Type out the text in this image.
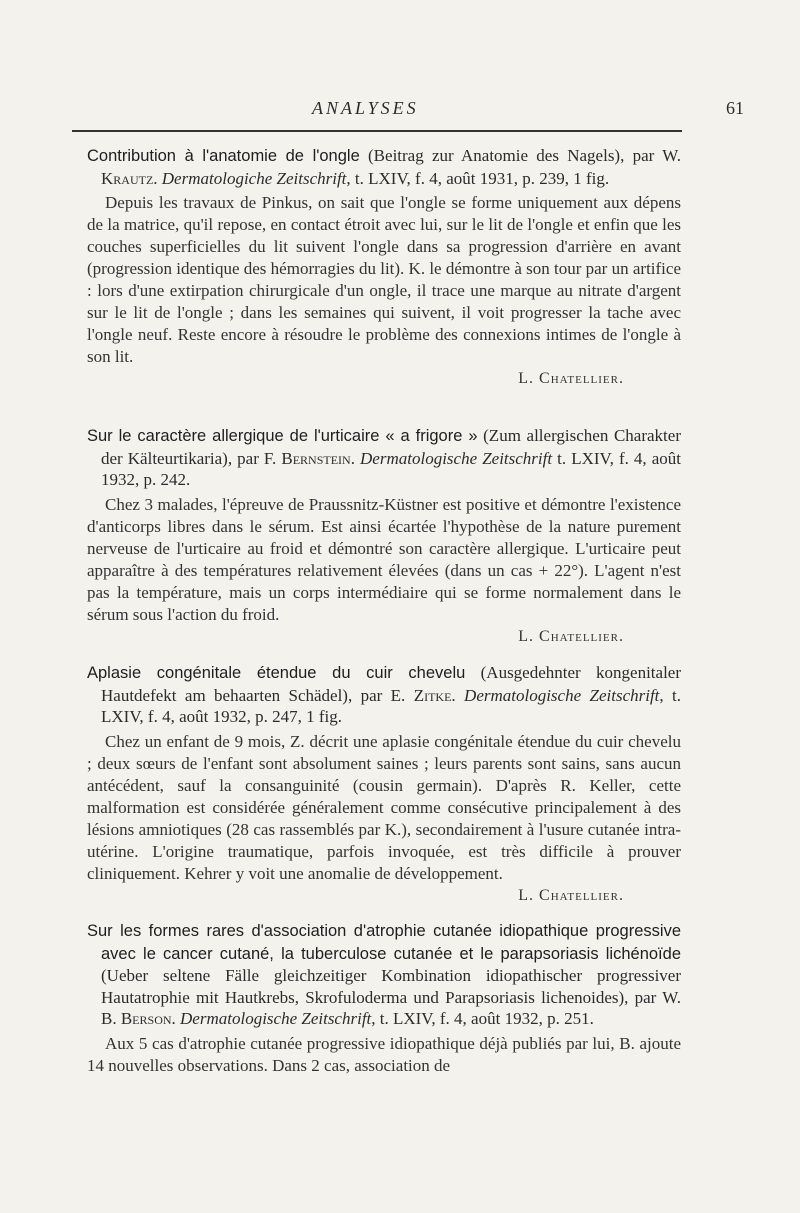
ANALYSES	61

Contribution à l'anatomie de l'ongle (Beitrag zur Anatomie des Nagels), par W. Krautz. Dermatologiche Zeitschrift, t. LXIV, f. 4, août 1931, p. 239, 1 fig.

Depuis les travaux de Pinkus, on sait que l'ongle se forme uniquement aux dépens de la matrice, qu'il repose, en contact étroit avec lui, sur le lit de l'ongle et enfin que les couches superficielles du lit suivent l'ongle dans sa progression d'arrière en avant (progression identique des hémorragies du lit). K. le démontre à son tour par un artifice : lors d'une extirpation chirurgicale d'un ongle, il trace une marque au nitrate d'argent sur le lit de l'ongle ; dans les semaines qui suivent, il voit progresser la tache avec l'ongle neuf. Reste encore à résoudre le problème des connexions intimes de l'ongle à son lit.

L. Chatellier.

Sur le caractère allergique de l'urticaire « a frigore » (Zum allergischen Charakter der Kälteurtikaria), par F. Bernstein. Dermatologische Zeitschrift t. LXIV, f. 4, août 1932, p. 242.

Chez 3 malades, l'épreuve de Praussnitz-Küstner est positive et démontre l'existence d'anticorps libres dans le sérum. Est ainsi écartée l'hypothèse de la nature purement nerveuse de l'urticaire au froid et démontré son caractère allergique. L'urticaire peut apparaître à des températures relativement élevées (dans un cas + 22°). L'agent n'est pas la température, mais un corps intermédiaire qui se forme normalement dans le sérum sous l'action du froid.

L. Chatellier.

Aplasie congénitale étendue du cuir chevelu (Ausgedehnter kongenitaler Hautdefekt am behaarten Schädel), par E. Zitke. Dermatologische Zeitschrift, t. LXIV, f. 4, août 1932, p. 247, 1 fig.

Chez un enfant de 9 mois, Z. décrit une aplasie congénitale étendue du cuir chevelu ; deux sœurs de l'enfant sont absolument saines ; leurs parents sont sains, sans aucun antécédent, sauf la consanguinité (cousin germain). D'après R. Keller, cette malformation est considérée généralement comme consécutive principalement à des lésions amniotiques (28 cas rassemblés par K.), secondairement à l'usure cutanée intra-utérine. L'origine traumatique, parfois invoquée, est très difficile à prouver cliniquement. Kehrer y voit une anomalie de développement.

L. Chatellier.

Sur les formes rares d'association d'atrophie cutanée idiopathique progressive avec le cancer cutané, la tuberculose cutanée et le parapsoriasis lichénoïde (Ueber seltene Fälle gleichzeitiger Kombination idiopathischer progressiver Hautatrophie mit Hautkrebs, Skrofuloderma und Parapsoriasis lichenoides), par W. B. Berson. Dermatologische Zeitschrift, t. LXIV, f. 4, août 1932, p. 251.

Aux 5 cas d'atrophie cutanée progressive idiopathique déjà publiés par lui, B. ajoute 14 nouvelles observations. Dans 2 cas, association de
